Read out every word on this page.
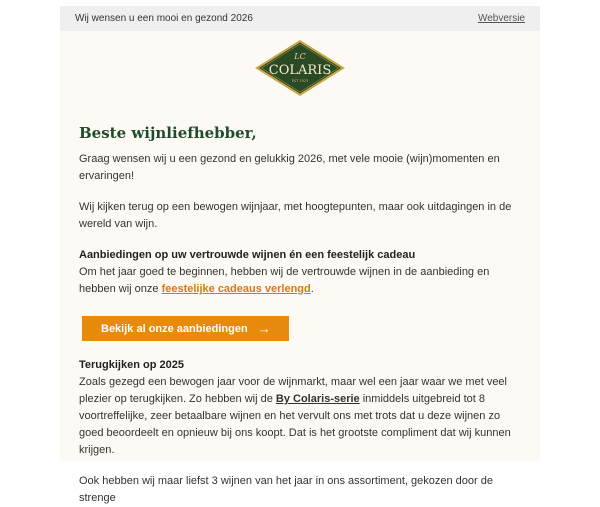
Wij wensen u een mooi en gezond 2026	Webversie
LC
COLARIS
EST 1923
Beste wijnliefhebber,

Graag wensen wij u een gezond en gelukkig 2026, met vele mooie (wijn)momenten en ervaringen!

Wij kijken terug op een bewogen wijnjaar, met hoogtepunten, maar ook uitdagingen in de wereld van wijn.

Aanbiedingen op uw vertrouwde wijnen én een feestelijk cadeau
Om het jaar goed te beginnen, hebben wij de vertrouwde wijnen in de aanbieding en hebben wij onze feestelijke cadeaus verlengd.

Bekijk al onze aanbiedingen →

Terugkijken op 2025
Zoals gezegd een bewogen jaar voor de wijnmarkt, maar wel een jaar waar we met veel plezier op terugkijken. Zo hebben wij de By Colaris-serie inmiddels uitgebreid tot 8 voortreffelijke, zeer betaalbare wijnen en het vervult ons met trots dat u deze wijnen zo goed beoordeelt en opnieuw bij ons koopt. Dat is het grootste compliment dat wij kunnen krijgen.

Ook hebben wij maar liefst 3 wijnen van het jaar in ons assortiment, gekozen door de strenge
